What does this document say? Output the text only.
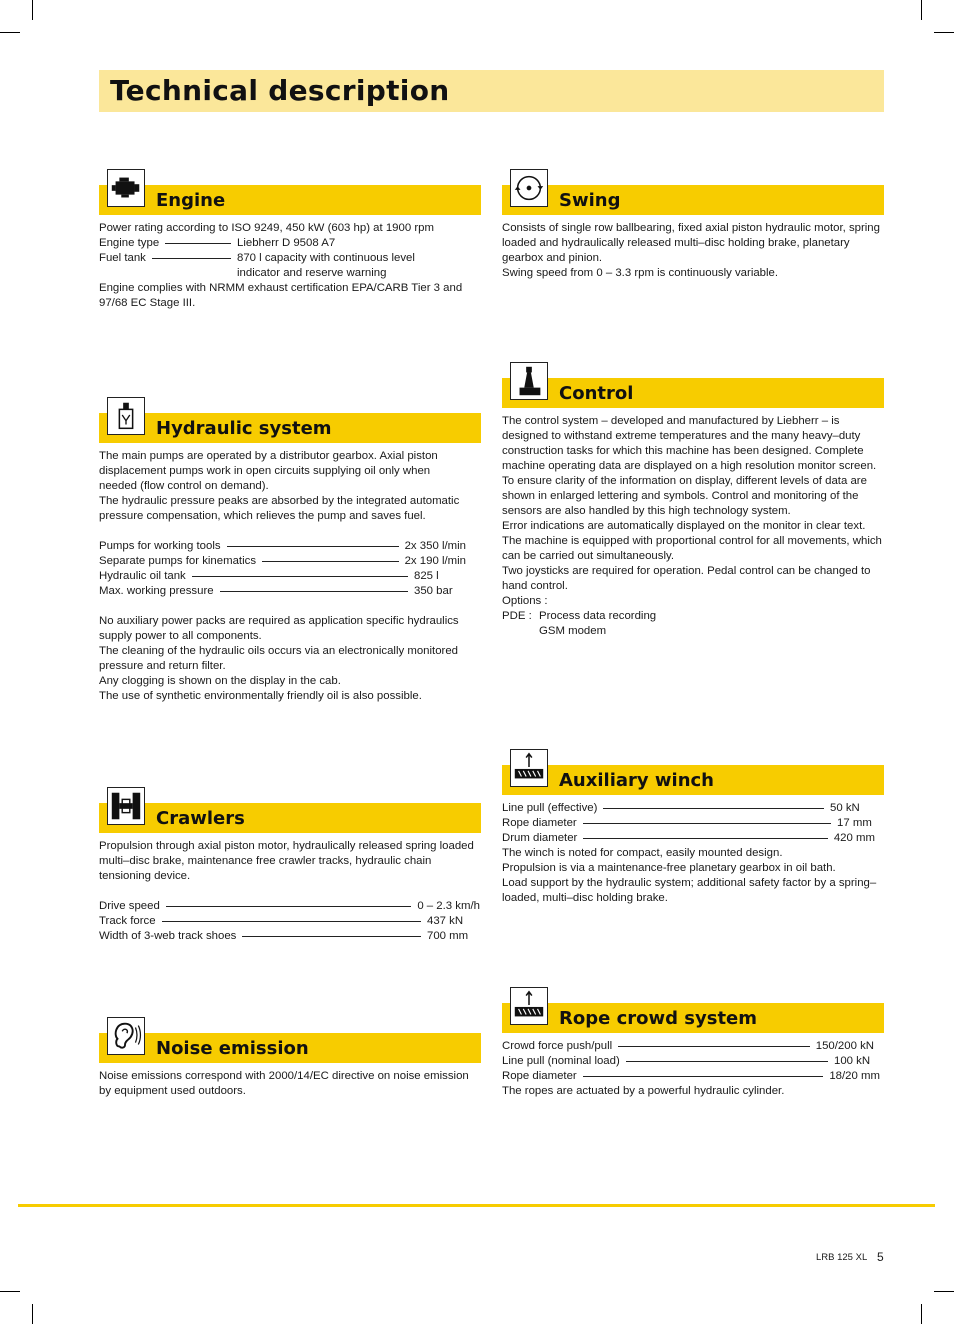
Technical description
Engine

Power rating according to ISO 9249, 450 kW (603 hp) at 1900 rpm

Engine type	Liebherr D 9508 A7
Fuel tank	870 l capacity with continuous level indicator and reserve warning

Engine complies with NRMM exhaust certification EPA/CARB Tier 3 and 97/68 EC Stage III.

Swing

Consists of single row ballbearing, fixed axial piston hydraulic motor, spring loaded and hydraulically released multi–disc holding brake, planetary gearbox and pinion.

Swing speed from 0 – 3.3 rpm is continuously variable.

Control

The control system – developed and manufactured by Liebherr – is designed to withstand extreme temperatures and the many heavy–duty construction tasks for which this machine has been designed. Complete machine operating data are displayed on a high resolution monitor screen.

To ensure clarity of the information on display, different levels of data are shown in enlarged lettering and symbols. Control and monitoring of the sensors are also handled by this high technology system.

Error indications are automatically displayed on the monitor in clear text.

The machine is equipped with proportional control for all movements, which can be carried out simultaneously.

Two joysticks are required for operation. Pedal control can be changed to hand control.

Options :

PDE : Process data recording
GSM modem
Hydraulic system

The main pumps are operated by a distributor gearbox. Axial piston displacement pumps work in open circuits supplying oil only when needed (flow control on demand).

The hydraulic pressure peaks are absorbed by the integrated automatic pressure compensation, which relieves the pump and saves fuel.

Pumps for working tools	2x 350 l/min
Separate pumps for kinematics	2x 190 l/min
Hydraulic oil tank	825 l
Max. working pressure	350 bar

No auxiliary power packs are required as application specific hydraulics supply power to all components.

The cleaning of the hydraulic oils occurs via an electronically monitored pressure and return filter.

Any clogging is shown on the display in the cab.

The use of synthetic environmentally friendly oil is also possible.

Auxiliary winch
Line pull (effective)	50 kN
Rope diameter	17 mm
Drum diameter	420 mm

The winch is noted for compact, easily mounted design.

Propulsion is via a maintenance-free planetary gearbox in oil bath.

Load support by the hydraulic system; additional safety factor by a spring–loaded, multi–disc holding brake.

Crawlers

Propulsion through axial piston motor, hydraulically released spring loaded multi–disc brake, maintenance free crawler tracks, hydraulic chain tensioning device.

Drive speed	0 – 2.3 km/h
Track force	437 kN
Width of 3-web track shoes	700 mm
Rope crowd system
Crowd force push/pull	150/200 kN
Line pull (nominal load)	100 kN
Rope diameter	18/20 mm

The ropes are actuated by a powerful hydraulic cylinder.

Noise emission

Noise emissions correspond with 2000/14/EC directive on noise emission by equipment used outdoors.

LRB 125 XL 5
